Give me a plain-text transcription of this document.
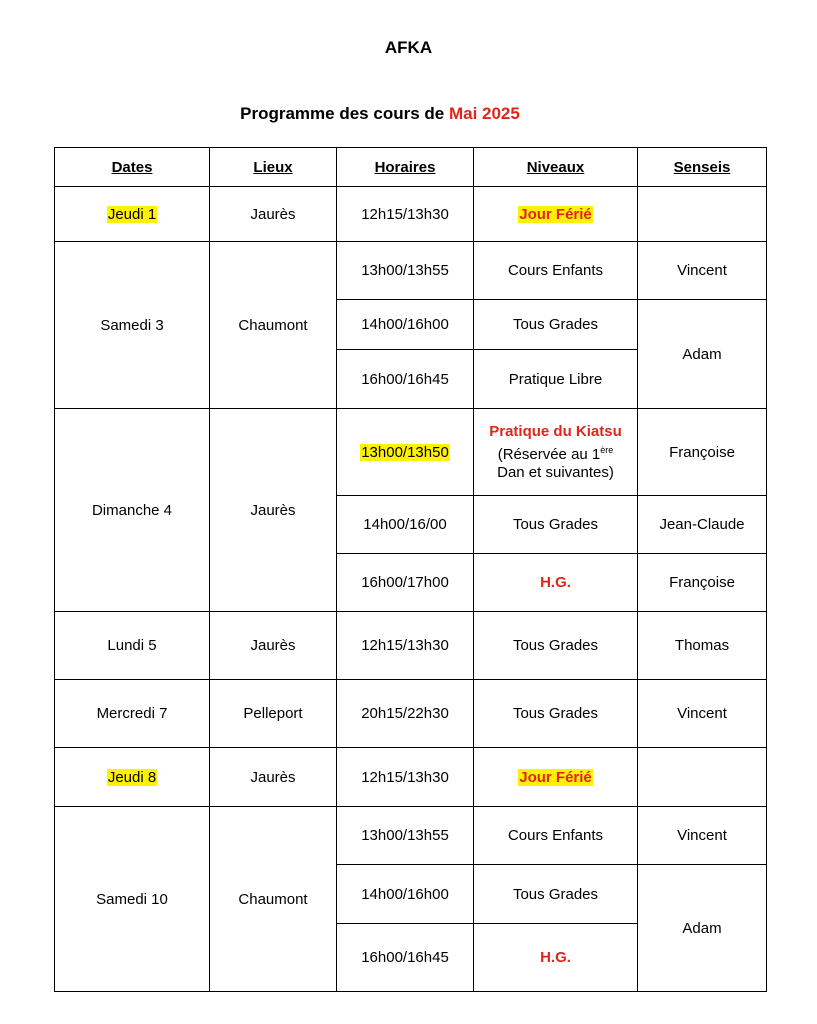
AFKA
Programme des cours de Mai 2025
Dates	Lieux	Horaires	Niveaux	Senseis
Jeudi 1	Jaurès	12h15/13h30	Jour Férié	
Samedi 3	Chaumont	13h00/13h55	Cours Enfants	Vincent
		14h00/16h00	Tous Grades	Adam
		16h00/16h45	Pratique Libre	
Dimanche 4	Jaurès	13h00/13h50	Pratique du Kiatsu
(Réservée au 1ère
Dan et suivantes)	Françoise
		14h00/16/00	Tous Grades	Jean-Claude
		16h00/17h00	H.G.	Françoise
Lundi 5	Jaurès	12h15/13h30	Tous Grades	Thomas
Mercredi 7	Pelleport	20h15/22h30	Tous Grades	Vincent
Jeudi 8	Jaurès	12h15/13h30	Jour Férié	
Samedi 10	Chaumont	13h00/13h55	Cours Enfants	Vincent
		14h00/16h00	Tous Grades	Adam
		16h00/16h45	H.G.	
